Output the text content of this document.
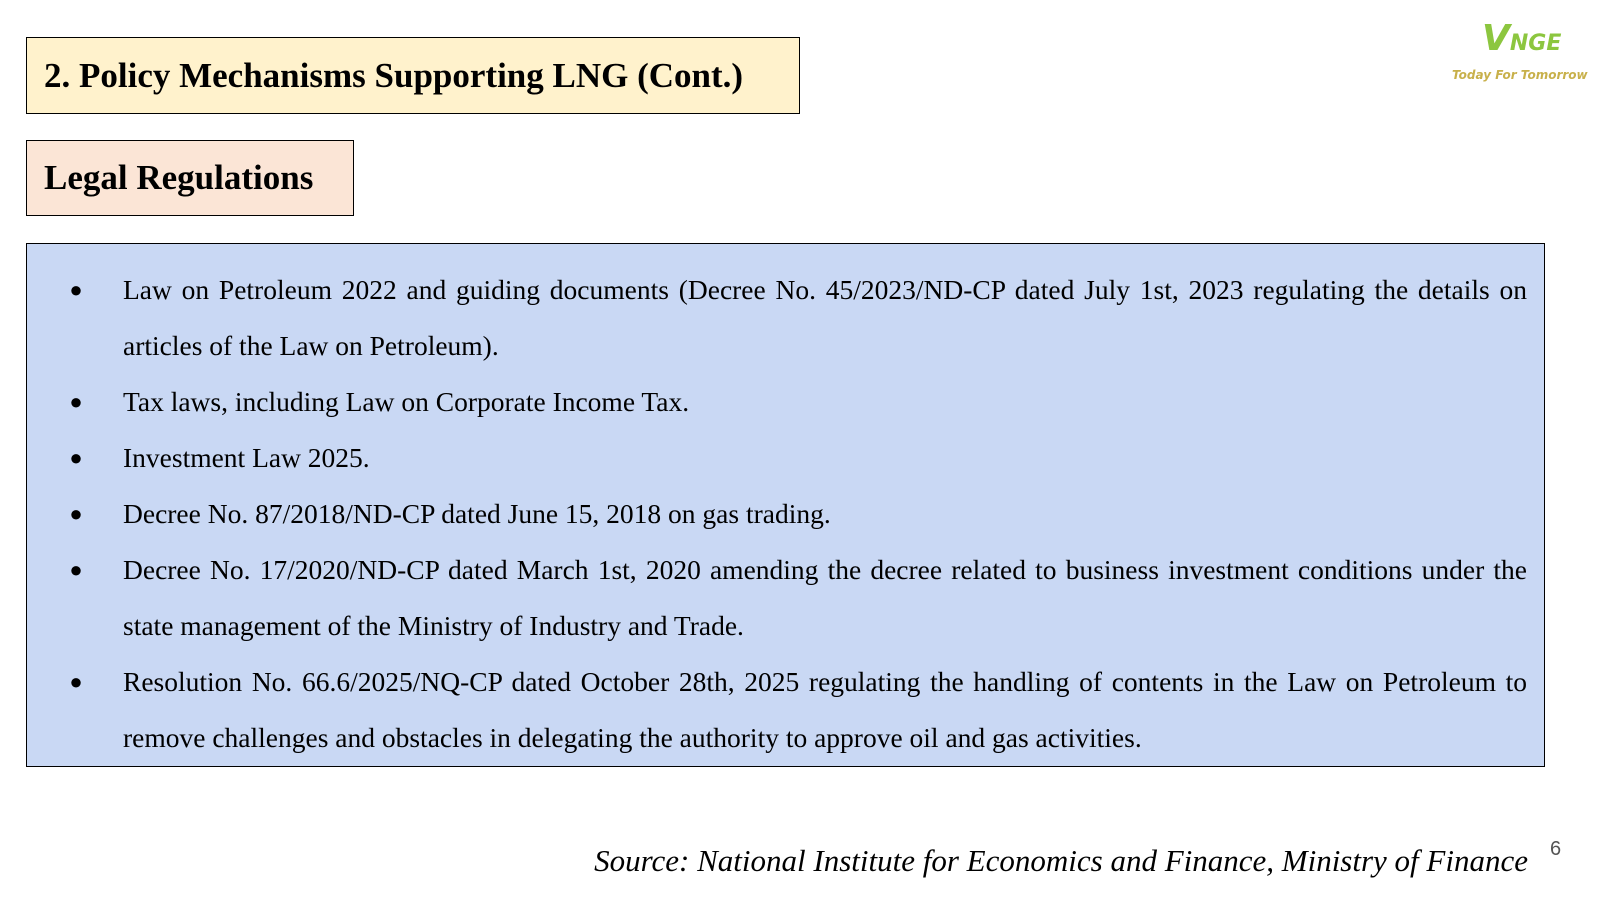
2. Policy Mechanisms Supporting LNG (Cont.)
VNGE
Today For Tomorrow
Legal Regulations
● Law on Petroleum 2022 and guiding documents (Decree No. 45/2023/ND-CP dated July 1st, 2023 regulating the details on articles of the Law on Petroleum).
● Tax laws, including Law on Corporate Income Tax.
● Investment Law 2025.
● Decree No. 87/2018/ND-CP dated June 15, 2018 on gas trading.
● Decree No. 17/2020/ND-CP dated March 1st, 2020 amending the decree related to business investment conditions under the state management of the Ministry of Industry and Trade.
● Resolution No. 66.6/2025/NQ-CP dated October 28th, 2025 regulating the handling of contents in the Law on Petroleum to remove challenges and obstacles in delegating the authority to approve oil and gas activities.
Source: National Institute for Economics and Finance, Ministry of Finance 6
